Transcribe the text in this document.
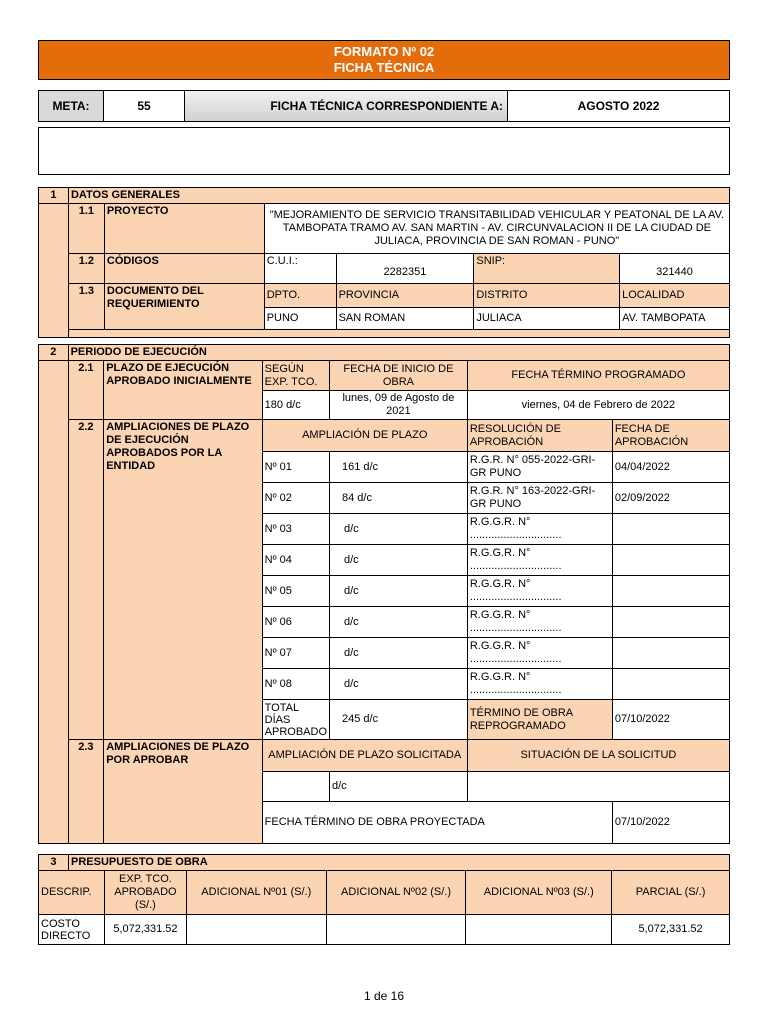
FORMATO Nº 02
FICHA TÉCNICA
META:	55	FICHA TÉCNICA CORRESPONDIENTE A:	AGOSTO 2022
1	DATOS GENERALES					
	1.1	PROYECTO	"MEJORAMIENTO DE SERVICIO TRANSITABILIDAD VEHICULAR Y PEATONAL DE LA AV. TAMBOPATA TRAMO AV. SAN MARTIN - AV. CIRCUNVALACION II DE LA CIUDAD DE JULIACA, PROVINCIA DE SAN ROMAN - PUNO"			
	1.2	CÓDIGOS	C.U.I.:	2282351	SNIP:	321440
	1.3	DOCUMENTO DEL REQUERIMIENTO	DPTO.	PROVINCIA	DISTRITO	LOCALIDAD
			PUNO	SAN ROMAN	JULIACA	AV. TAMBOPATA

2	PERIODO DE EJECUCIÓN					
	2.1	PLAZO DE EJECUCIÓN APROBADO INICIALMENTE	SEGÚN EXP. TCO.	FECHA DE INICIO DE OBRA	FECHA TÉRMINO PROGRAMADO	
			180 d/c	lunes, 09 de Agosto de 2021	viernes, 04 de Febrero de 2022	
	2.2	AMPLIACIONES DE PLAZO DE EJECUCIÓN APROBADOS POR LA ENTIDAD	AMPLIACIÓN DE PLAZO		RESOLUCIÓN DE APROBACIÓN	FECHA DE APROBACIÓN
			Nº 01	161 d/c	R.G.R. N° 055-2022-GRI-GR PUNO	04/04/2022
			Nº 02	84 d/c	R.G.R. N° 163-2022-GRI-GR PUNO	02/09/2022
			Nº 03	d/c	R.G.G.R. N° ..............................	
			Nº 04	d/c	R.G.G.R. N° ..............................	
			Nº 05	d/c	R.G.G.R. N° ..............................	
			Nº 06	d/c	R.G.G.R. N° ..............................	
			Nº 07	d/c	R.G.G.R. N° ..............................	
			Nº 08	d/c	R.G.G.R. N° ..............................	
			TOTAL DÍAS APROBADO	245 d/c	TÉRMINO DE OBRA REPROGRAMADO	07/10/2022
	2.3	AMPLIACIONES DE PLAZO POR APROBAR	AMPLIACIÓN DE PLAZO SOLICITADA		SITUACIÓN DE LA SOLICITUD	
				d/c		
			FECHA TÉRMINO DE OBRA PROYECTADA			07/10/2022
3	PRESUPUESTO DE OBRA					
DESCRIP.		EXP. TCO. APROBADO (S/.)	ADICIONAL Nº01 (S/.)	ADICIONAL Nº02 (S/.)	ADICIONAL Nº03 (S/.)	PARCIAL (S/.)
COSTO DIRECTO		5,072,331.52				5,072,331.52
1 de 16
